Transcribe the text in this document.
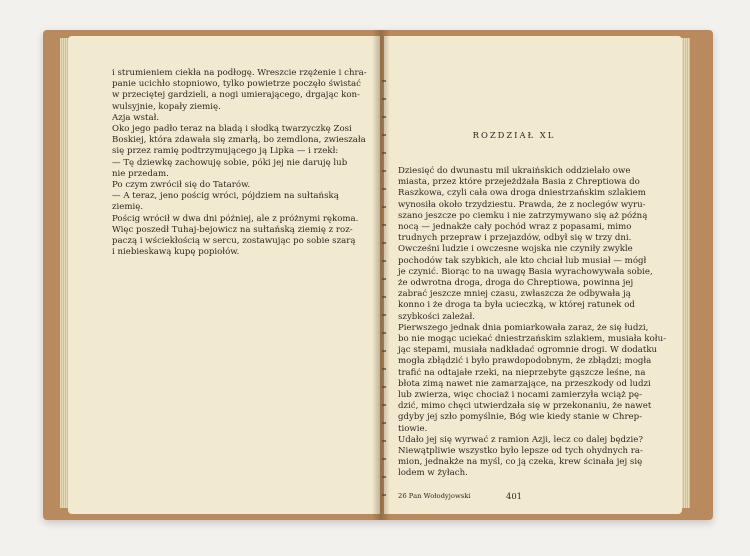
i strumieniem ciekła na podłogę. Wreszcie rzężenie i chra-
panie ucichło stopniowo, tylko powietrze poczęło świstać
w przeciętej gardzieli, a nogi umierającego, drgając kon-
wulsyjnie, kopały ziemię.
Azja wstał.
Oko jego padło teraz na bladą i słodką twarzyczkę Zosi
Boskiej, która zdawała się zmarłą, bo zemdlona, zwieszała
się przez ramię podtrzymującego ją Lipka — i rzekł:
— Tę dziewkę zachowuję sobie, póki jej nie daruję lub
nie przedam.
Po czym zwrócił się do Tatarów.
— A teraz, jeno pościg wróci, pójdziem na sułtańską
ziemię.
Pościg wrócił w dwa dni później, ale z próżnymi rękoma.
Więc poszedł Tuhaj-bejowicz na sułtańską ziemię z roz-
paczą i wściekłością w sercu, zostawując po sobie szarą
i niebieskawą kupę popiołów.
ROZDZIAŁ XL
Dziesięć do dwunastu mil ukraińskich oddzielało owe
miasta, przez które przejeżdżała Basia z Chreptiowa do
Raszkowa, czyli cała owa droga dniestrzańskim szlakiem
wynosiła około trzydziestu. Prawda, że z noclegów wyru-
szano jeszcze po ciemku i nie zatrzymywano się aż późną
nocą — jednakże cały pochód wraz z popasami, mimo
trudnych przepraw i przejazdów, odbył się w trzy dni.
Owcześni ludzie i owczesne wojska nie czyniły zwykle
pochodów tak szybkich, ale kto chciał lub musiał — mógł
je czynić. Biorąc to na uwagę Basia wyrachowywała sobie,
że odwrotna droga, droga do Chreptiowa, powinna jej
zabrać jeszcze mniej czasu, zwłaszcza że odbywała ją
konno i że droga ta była ucieczką, w której ratunek od
szybkości zależał.
Pierwszego jednak dnia pomiarkowała zaraz, że się łudzi,
bo nie mogąc uciekać dniestrzańskim szlakiem, musiała kołu-
jąc stepami, musiała nadkładać ogromnie drogi. W dodatku
mogła zbłądzić i było prawdopodobnym, że zbłądzi; mogła
trafić na odtajałe rzeki, na nieprzebyte gąszcze leśne, na
błota zimą nawet nie zamarzające, na przeszkody od ludzi
lub zwierza, więc chociaż i nocami zamierzyła wciąż pę-
dzić, mimo chęci utwierdzała się w przekonaniu, że nawet
gdyby jej szło pomyślnie, Bóg wie kiedy stanie w Chrep-
tiowie.
Udało jej się wyrwać z ramion Azji, lecz co dalej będzie?
Niewątpliwie wszystko było lepsze od tych ohydnych ra-
mion, jednakże na myśl, co ją czeka, krew ścinała jej się
lodem w żyłach.
26 Pan Wołodyjowski	401
